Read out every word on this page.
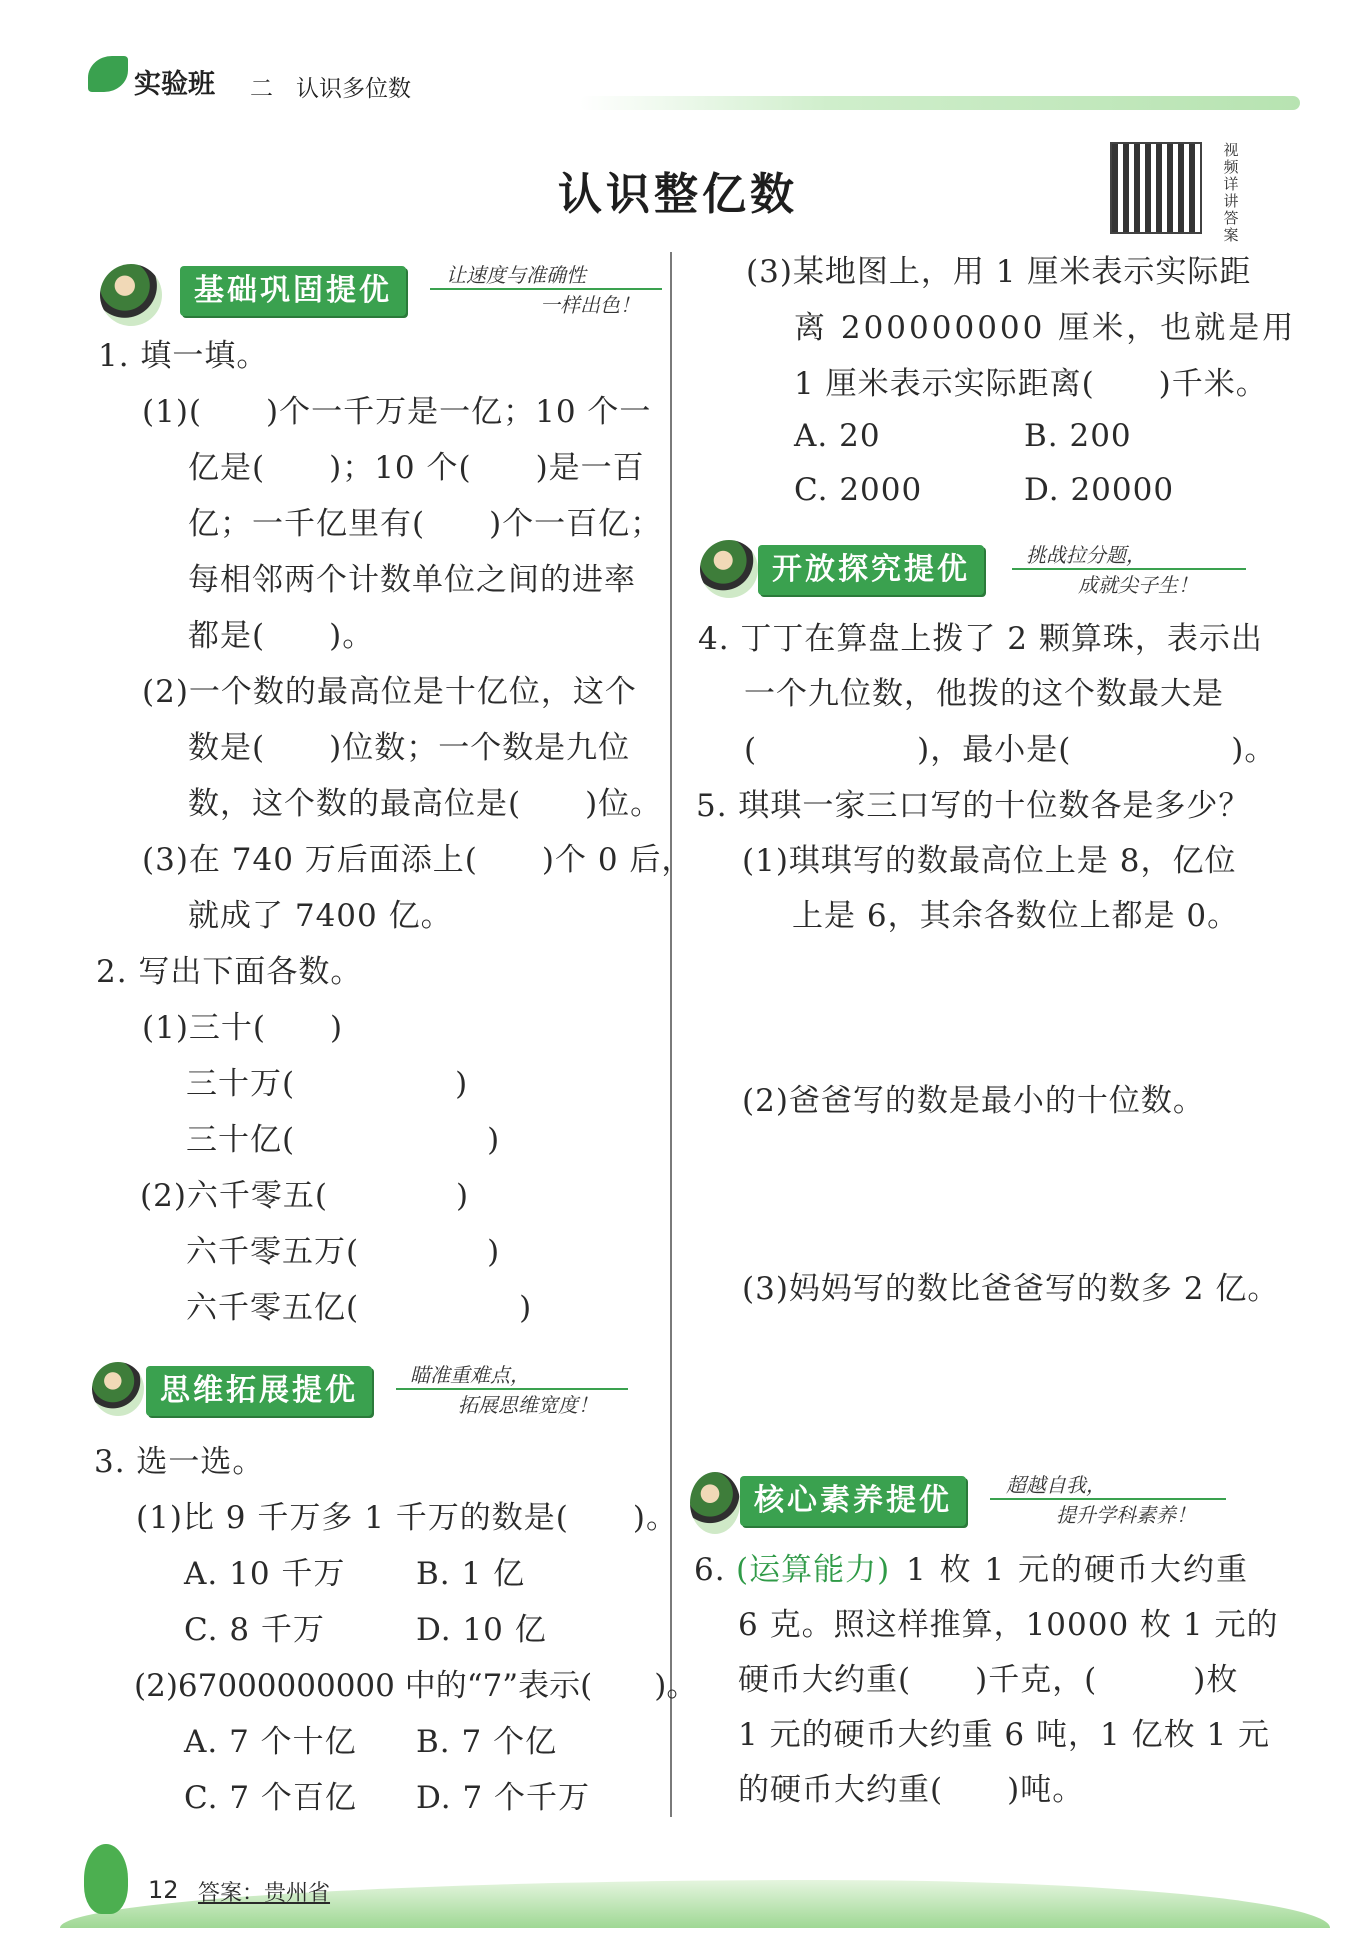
实验班 二 认识多位数
认识整亿数
视频详讲答案
基础巩固提优	让速度与准确性
一样出色！
1. 填一填。
(1)(　　)个一千万是一亿；10 个一
亿是(　　)；10 个(　　)是一百
亿；一千亿里有(　　)个一百亿；
每相邻两个计数单位之间的进率
都是(　　)。
(2)一个数的最高位是十亿位，这个
数是(　　)位数；一个数是九位
数，这个数的最高位是(　　)位。
(3)在 740 万后面添上(　　)个 0 后，
就成了 7400 亿。
2. 写出下面各数。
(1)三十(　　)
三十万(　　　　　)
三十亿(　　　　　　)
(2)六千零五(　　　　)
六千零五万(　　　　)
六千零五亿(　　　　　)
思维拓展提优	瞄准重难点，
拓展思维宽度！
3. 选一选。
(1)比 9 千万多 1 千万的数是(　　)。
A. 10 千万 B. 1 亿
C. 8 千万	D. 10 亿
(2)67000000000 中的“7”表示(　　)。
A. 7 个十亿 B. 7 个亿
C. 7 个百亿 D. 7 个千万
(3)某地图上，用 1 厘米表示实际距
离 200000000 厘米，也就是用
1 厘米表示实际距离(　　)千米。
A. 20	B. 200
C. 2000	D. 20000
开放探究提优	挑战拉分题，
成就尖子生！
4. 丁丁在算盘上拨了 2 颗算珠，表示出
一个九位数，他拨的这个数最大是
(　　　　　)，最小是(　　　　　)。
5. 琪琪一家三口写的十位数各是多少？
(1)琪琪写的数最高位上是 8，亿位
上是 6，其余各数位上都是 0。
(2)爸爸写的数是最小的十位数。
(3)妈妈写的数比爸爸写的数多 2 亿。
核心素养提优	超越自我，
提升学科素养！
6. (运算能力) 1 枚 1 元的硬币大约重
6 克。照这样推算，10000 枚 1 元的
硬币大约重(　　)千克，(　　　)枚
1 元的硬币大约重 6 吨，1 亿枚 1 元
的硬币大约重(　　)吨。
12 答案：贵州省
